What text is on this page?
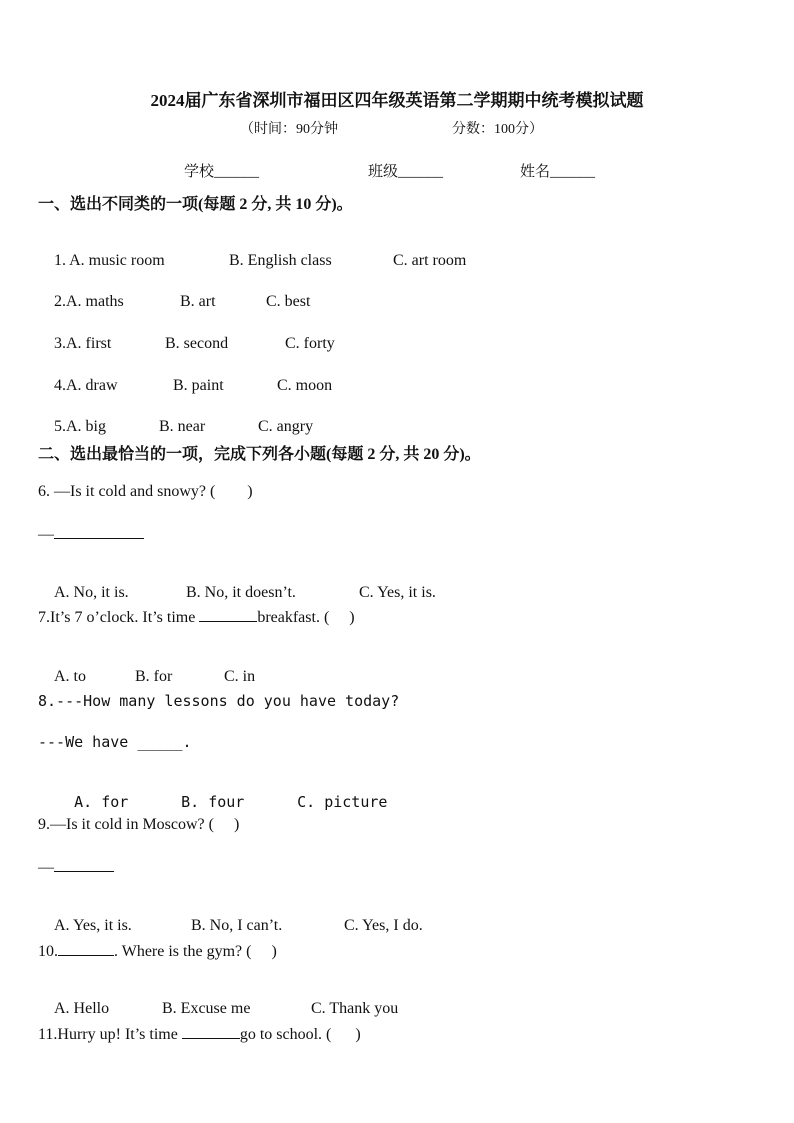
2024届广东省深圳市福田区四年级英语第二学期期中统考模拟试题
（时间：90分钟	分数：100分）
学校______	班级______	姓名______
一、选出不同类的一项(每题 2 分, 共 10 分)。

1. A. music room	B. English class	C. art room

2.A. maths	B. art	C. best

3.A. first	B. second	C. forty

4.A. draw	B. paint	C. moon

5.A. big	B. near	C. angry

二、选出最恰当的一项，完成下列各小题(每题 2 分, 共 20 分)。
6. —Is it cold and snowy? (        )
—

A. No, it is.	B. No, it doesn’t.	C. Yes, it is.

7.It’s 7 o’clock. It’s time	breakfast. (     )

A. to	B. for	C. in

8.---How many lessons do you have today?
---We have _____.

A. for	B. four	C. picture

9.—Is it cold in Moscow? (     )
—

A. Yes, it is.	B. No, I can’t.	C. Yes, I do.

10.	. Where is the gym? (     )

A. Hello	B. Excuse me	C. Thank you

11.Hurry up! It’s time	go to school. (      )
